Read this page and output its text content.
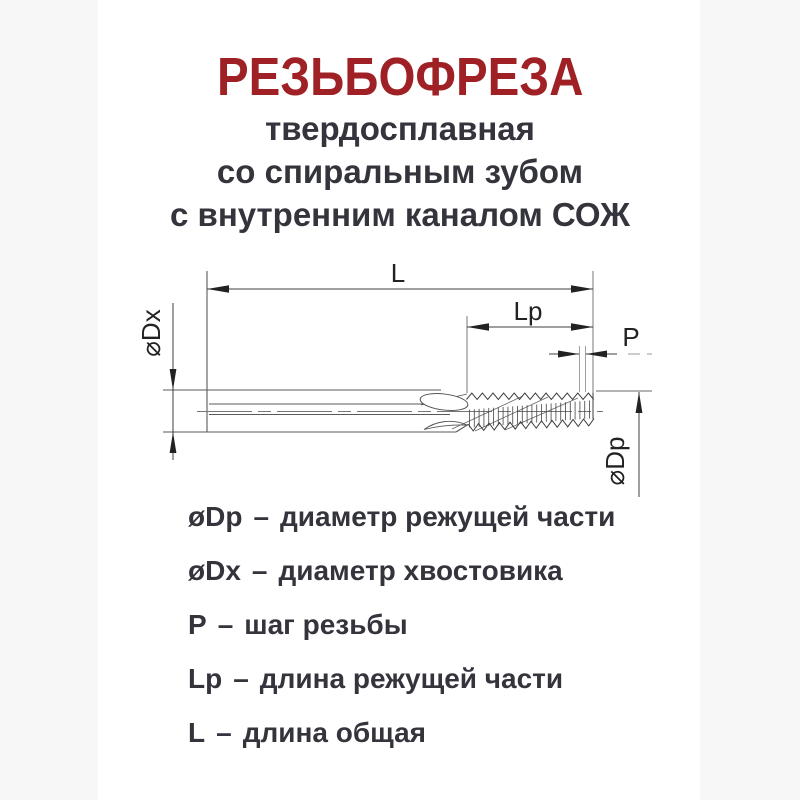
РЕЗЬБОФРЕЗА
твердосплавная
со спиральным зубом
с внутренним каналом СОЖ
L
Lp
P
⌀Dx
⌀Dp
øDp – диаметр режущей части
øDx – диаметр хвостовика
P – шаг резьбы
Lp – длина режущей части
L – длина общая
